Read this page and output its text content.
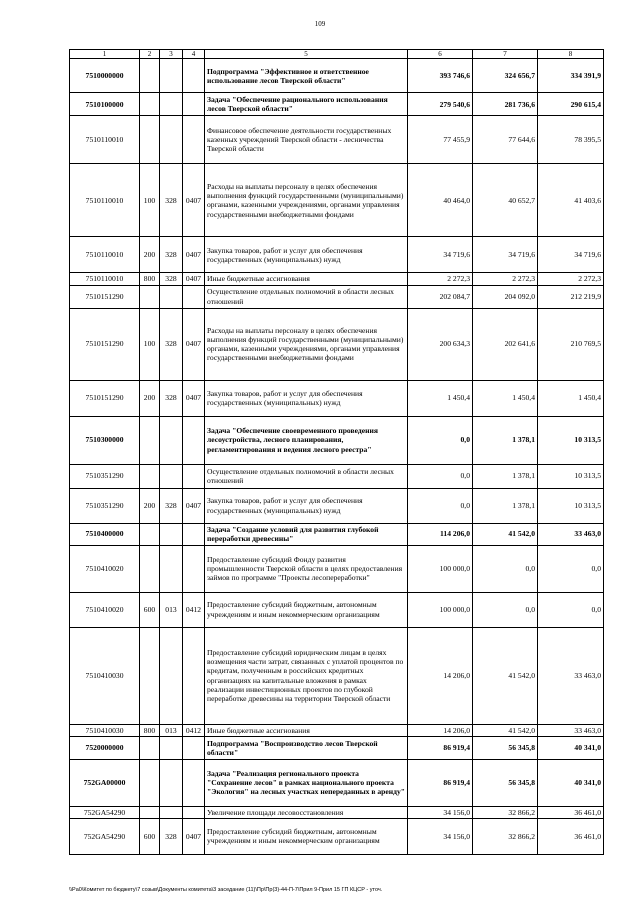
109
1	2	3	4	5	6	7	8
7510000000				Подпрограмма "Эффективное и ответственное использование лесов Тверской области"	393 746,6	324 656,7	334 391,9
7510100000				Задача "Обеспечение рационального использования лесов Тверской области"	279 540,6	281 736,6	290 615,4
7510110010				Финансовое обеспечение деятельности государственных казенных учреждений Тверской области - лесничества Тверской области	77 455,9	77 644,6	78 395,5
7510110010	100	328	0407	Расходы на выплаты персоналу в целях обеспечения выполнения функций государственными (муниципальными) органами, казенными учреждениями, органами управления государственными внебюджетными фондами	40 464,0	40 652,7	41 403,6
7510110010	200	328	0407	Закупка товаров, работ и услуг для обеспечения государственных (муниципальных) нужд	34 719,6	34 719,6	34 719,6
7510110010	800	328	0407	Иные бюджетные ассигнования	2 272,3	2 272,3	2 272,3
7510151290				Осуществление отдельных полномочий в области лесных отношений	202 084,7	204 092,0	212 219,9
7510151290	100	328	0407	Расходы на выплаты персоналу в целях обеспечения выполнения функций государственными (муниципальными) органами, казенными учреждениями, органами управления государственными внебюджетными фондами	200 634,3	202 641,6	210 769,5
7510151290	200	328	0407	Закупка товаров, работ и услуг для обеспечения государственных (муниципальных) нужд	1 450,4	1 450,4	1 450,4
7510300000				Задача "Обеспечение своевременного проведения лесоустройства, лесного планирования, регламентирования и ведения лесного реестра"	0,0	1 378,1	10 313,5
7510351290				Осуществление отдельных полномочий в области лесных отношений	0,0	1 378,1	10 313,5
7510351290	200	328	0407	Закупка товаров, работ и услуг для обеспечения государственных (муниципальных) нужд	0,0	1 378,1	10 313,5
7510400000				Задача "Создание условий для развития глубокой переработки древесины"	114 206,0	41 542,0	33 463,0
7510410020				Предоставление субсидий Фонду развития промышленности Тверской области в целях предоставления займов по программе "Проекты лесопереработки"	100 000,0	0,0	0,0
7510410020	600	013	0412	Предоставление субсидий бюджетным, автономным учреждениям и иным некоммерческим организациям	100 000,0	0,0	0,0
7510410030				Предоставление субсидий юридическим лицам в целях возмещения части затрат, связанных с уплатой процентов по кредитам, полученным в российских кредитных организациях на капитальные вложения в рамках реализации инвестиционных проектов по глубокой переработке древесины на территории Тверской области	14 206,0	41 542,0	33 463,0
7510410030	800	013	0412	Иные бюджетные ассигнования	14 206,0	41 542,0	33 463,0
7520000000				Подпрограмма "Воспроизводство лесов Тверской области"	86 919,4	56 345,8	40 341,0
752GA00000				Задача "Реализация регионального проекта "Сохранение лесов" в рамках национального проекта "Экология" на лесных участках непереданных в аренду"	86 919,4	56 345,8	40 341,0
752GA54290				Увеличение площади лесовосстановления	34 156,0	32 866,2	36 461,0
752GA54290	600	328	0407	Предоставление субсидий бюджетным, автономным учреждениям и иным некоммерческим организациям	34 156,0	32 866,2	36 461,0
\\Pa0\Комитет по бюджету\7 созыв\Документы комитета\3 заседание (11)\Пр\Пр(3)-44-П-7\Прил 9-Прил 15 ГП КЦСР - уточ.
